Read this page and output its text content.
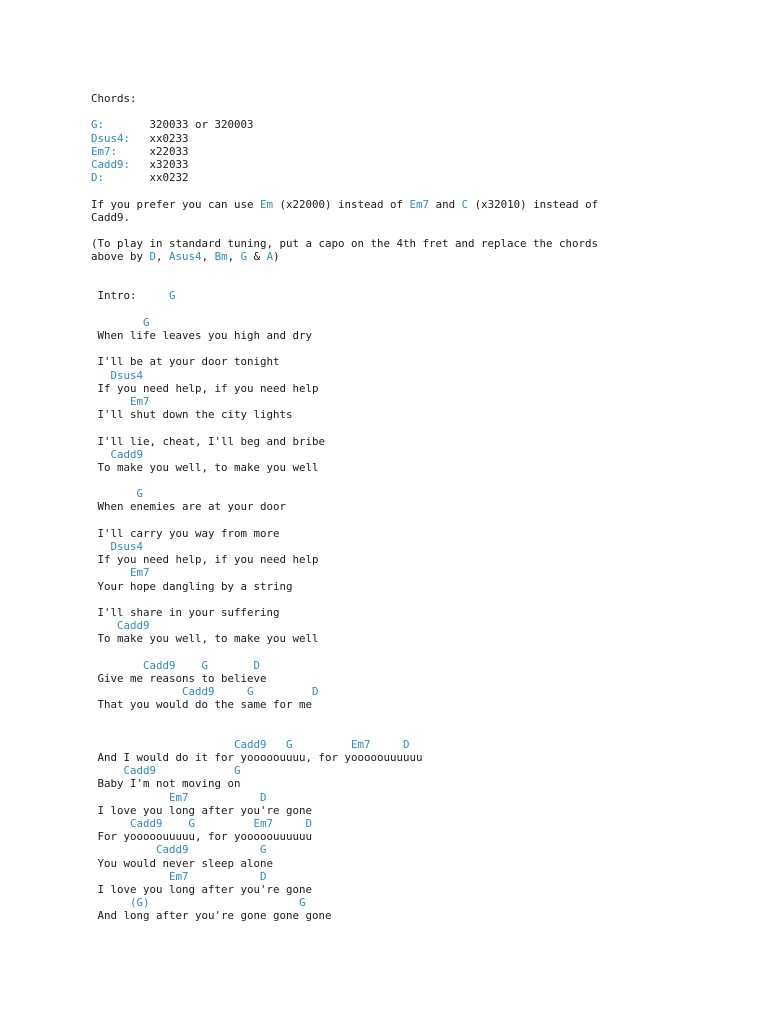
Chords:
G:	320033 or 320003
Dsus4: xx0233
Em7:	x22033
Cadd9: x32033
D:	xx0232
If you prefer you can use Em (x22000) instead of Em7 and C (x32010) instead of
Cadd9.
(To play in standard tuning, put a capo on the 4th fret and replace the chords
above by D, Asus4, Bm, G & A)
Intro:     G
G
When life leaves you high and dry
I'll be at your door tonight
Dsus4
If you need help, if you need help
Em7
I'll shut down the city lights
I'll lie, cheat, I'll beg and bribe
Cadd9
To make you well, to make you well
G
When enemies are at your door
I'll carry you way from more
Dsus4
If you need help, if you need help
Em7
Your hope dangling by a string
I'll share in your suffering
Cadd9
To make you well, to make you well
Cadd9    G       D
Give me reasons to believe
Cadd9     G         D
That you would do the same for me
Cadd9   G         Em7     D
And I would do it for yooooouuuu, for yooooouuuuuu
Cadd9            G
Baby I'm not moving on
Em7           D
I love you long after you're gone
Cadd9    G         Em7     D
For yooooouuuuu, for yooooouuuuuu
Cadd9           G
You would never sleep alone
Em7           D
I love you long after you're gone
(G)                       G
And long after you're gone gone gone
